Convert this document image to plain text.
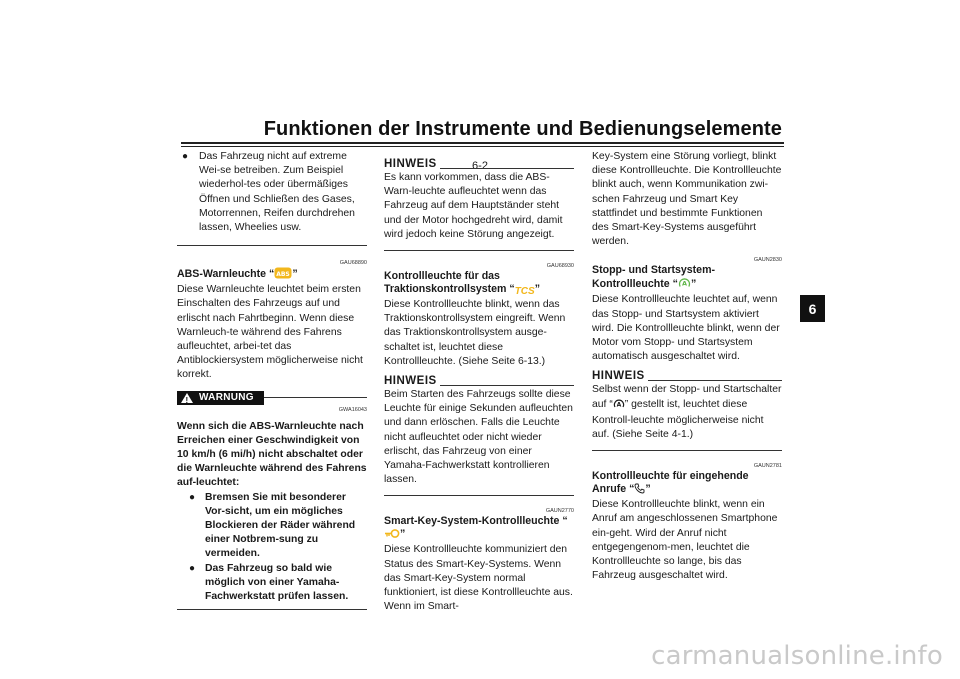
Funktionen der Instrumente und Bedienungselemente
6-2
6
●	Das Fahrzeug nicht auf extreme Wei-se betreiben. Zum Beispiel wiederhol-tes oder übermäßiges Öffnen und Schließen des Gases, Motorrennen, Reifen durchdrehen lassen, Wheelies usw.

GAU68890
ABS-Warnleuchte “ ABS ”

Diese Warnleuchte leuchtet beim ersten Einschalten des Fahrzeugs auf und erlischt nach Fahrtbeginn. Wenn diese Warnleuch-te während des Fahrens aufleuchtet, arbei-tet das Antiblockiersystem möglicherweise nicht korrekt.

!
WARNUNG
GWA16043

Wenn sich die ABS-Warnleuchte nach Erreichen einer Geschwindigkeit von 10 km/h (6 mi/h) nicht abschaltet oder die Warnleuchte während des Fahrens auf-leuchtet:

● Bremsen Sie mit besonderer Vor-sicht, um ein mögliches Blockieren der Räder während einer Notbrem-sung zu vermeiden.

● Das Fahrzeug so bald wie möglich von einer Yamaha-Fachwerkstatt prüfen lassen.

HINWEIS

Es kann vorkommen, dass die ABS-Warn-leuchte aufleuchtet wenn das Fahrzeug auf dem Hauptständer steht und der Motor hochgedreht wird, damit wird jedoch keine Störung angezeigt.

GAU68930
Kontrollleuchte für das Traktionskontrollsystem “TCS”

Diese Kontrollleuchte blinkt, wenn das Traktionskontrollsystem eingreift. Wenn das Traktionskontrollsystem ausge-schaltet ist, leuchtet diese Kontrollleuchte. (Siehe Seite 6-13.)

HINWEIS

Beim Starten des Fahrzeugs sollte diese Leuchte für einige Sekunden aufleuchten und dann erlöschen. Falls die Leuchte nicht aufleuchtet oder nicht wieder erlischt, das Fahrzeug von einer Yamaha-Fachwerkstatt kontrollieren lassen.

GAUN2770
Smart-Key-System-Kontrollleuchte “”

Diese Kontrollleuchte kommuniziert den Status des Smart-Key-Systems. Wenn das Smart-Key-System normal funktioniert, ist diese Kontrollleuchte aus. Wenn im Smart-

Key-System eine Störung vorliegt, blinkt diese Kontrollleuchte. Die Kontrollleuchte blinkt auch, wenn Kommunikation zwi-schen Fahrzeug und Smart Key stattfindet und bestimmte Funktionen des Smart-Key-Systems ausgeführt werden.

GAUN2830
Stopp- und Startsystem-Kontrollleuchte “ A ”

Diese Kontrollleuchte leuchtet auf, wenn das Stopp- und Startsystem aktiviert wird. Die Kontrollleuchte blinkt, wenn der Motor vom Stopp- und Startsystem automatisch ausgeschaltet wird.

HINWEIS

Selbst wenn der Stopp- und Startschalter auf “ A ” gestellt ist, leuchtet diese Kontroll-leuchte möglicherweise nicht auf. (Siehe Seite 4-1.)

GAUN2781
Kontrollleuchte für eingehende Anrufe “ ”

Diese Kontrollleuchte blinkt, wenn ein Anruf am angeschlossenen Smartphone ein-geht. Wird der Anruf nicht entgegengenom-men, leuchtet die Kontrollleuchte so lange, bis das Fahrzeug ausgeschaltet wird.

carmanualsonline.info
